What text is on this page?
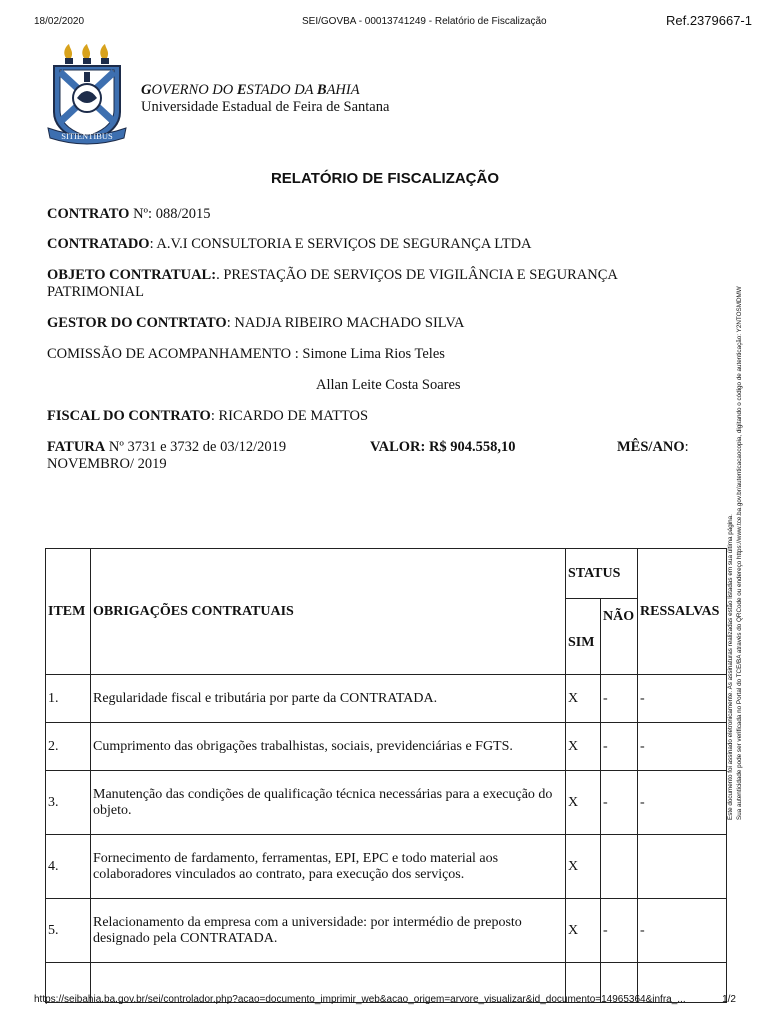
18/02/2020	SEI/GOVBA - 00013741249 - Relatório de Fiscalização	Ref.2379667-1
SITIENTIBUS
GOVERNO DO ESTADO DA BAHIA
Universidade Estadual de Feira de Santana
RELATÓRIO DE FISCALIZAÇÃO
CONTRATO Nº: 088/2015
CONTRATADO: A.V.I CONSULTORIA E SERVIÇOS DE SEGURANÇA LTDA
OBJETO CONTRATUAL:. PRESTAÇÃO DE SERVIÇOS DE VIGILÂNCIA E SEGURANÇA PATRIMONIAL
GESTOR DO CONTRTATO: NADJA RIBEIRO MACHADO SILVA
COMISSÃO DE ACOMPANHAMENTO : Simone Lima Rios Teles
Allan Leite Costa Soares
FISCAL DO CONTRATO: RICARDO DE MATTOS
FATURA Nº 3731 e 3732 de 03/12/2019	VALOR: R$ 904.558,10	MÊS/ANO:
NOVEMBRO/ 2019
Este documento foi assinado eletronicamente. As assinaturas realizadas estão listadas em sua última página. Sua autenticidade pode ser verificada no Portal do TCE/BA através do QRCode ou endereço https://www.tce.ba.gov.br/autenticacaocopia, digitando o código de autenticação: Y2NTOSMDMW
ITEM	OBRIGAÇÕES CONTRATUAIS	STATUS		RESSALVAS
		SIM	NÃO	
1.	Regularidade fiscal e tributária por parte da CONTRATADA.	X	-	-
2.	Cumprimento das obrigações trabalhistas, sociais, previdenciárias e FGTS.	X	-	-
3.	Manutenção das condições de qualificação técnica necessárias para a execução do objeto.	X	-	-
4.	Fornecimento de fardamento, ferramentas, EPI, EPC e todo material aos colaboradores vinculados ao contrato, para execução dos serviços.	X		
5.	Relacionamento da empresa com a universidade: por intermédio de preposto designado pela CONTRATADA.	X	-	-

https://seibahia.ba.gov.br/sei/controlador.php?acao=documento_imprimir_web&acao_origem=arvore_visualizar&id_documento=14965364&infra_...	1/2
